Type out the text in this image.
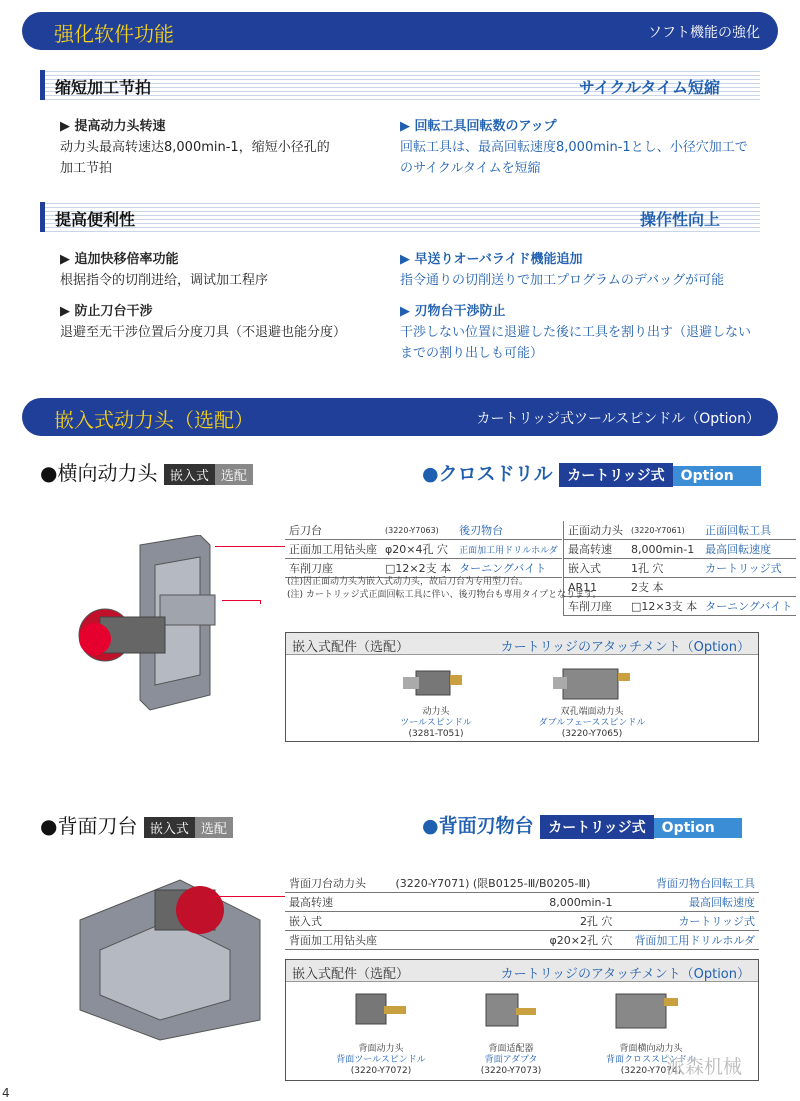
强化软件功能	ソフト機能の強化
缩短加工节拍	サイクルタイム短縮
▶ 提高动力头转速
动力头最高转速达8,000min-1，缩短小径孔的
加工节拍
▶ 回転工具回転数のアップ
回転工具は、最高回転速度8,000min-1とし、小径穴加工で
のサイクルタイムを短縮
提高便利性	操作性向上
▶ 追加快移倍率功能
根据指令的切削进给，调试加工程序
▶ 早送りオーバライド機能追加
指令通りの切削送りで加工プログラムのデバッグが可能
▶ 防止刀台干涉
退避至无干涉位置后分度刀具（不退避也能分度）
▶ 刃物台干渉防止
干渉しない位置に退避した後に工具を割り出す（退避しない
までの割り出しも可能）
嵌入式动力头（选配）	カートリッジ式ツールスピンドル（Option）
●横向动力头 嵌入式 选配	●クロスドリル カートリッジ式 Option
后刀台	(3220-Y7063)	後刃物台
正面加工用钻头座	φ20×4孔 穴	正面加工用ドリルホルダ
车削刀座	□12×2支 本	ターニングバイト
正面动力头	(3220-Y7061)	正面回転工具
最高转速	8,000min-1	最高回転速度
嵌入式	1孔 穴	カートリッジ式
AR11	2支 本	
车削刀座	□12×3支 本	ターニングバイト
(注)因正面动力头为嵌入式动力头，故后刀台为专用型刀台。
(注) カートリッジ式正面回転工具に伴い、後刃物台も専用タイプとなります。
嵌入式配件（选配）	カートリッジのアタッチメント（Option）
动力头
ツールスピンドル
(3281-T051)
双孔端面动力头
ダブルフェーススピンドル
(3220-Y7065)
●背面刀台 嵌入式 选配	●背面刃物台 カートリッジ式 Option
背面刀台动力头	(3220-Y7071) (限B0125-Ⅲ/B0205-Ⅲ)	背面刃物台回転工具
最高转速	8,000min-1	最高回転速度
嵌入式	2孔 穴	カートリッジ式
背面加工用钻头座	φ20×2孔 穴	背面加工用ドリルホルダ
嵌入式配件（选配）	カートリッジのアタッチメント（Option）
背面动力头
背面ツールスピンドル
(3220-Y7072)
背面适配器
背面アダプタ
(3220-Y7073)
背面横向动力头
背面クロススピンドル
(3220-Y7074)
派森机械
4
